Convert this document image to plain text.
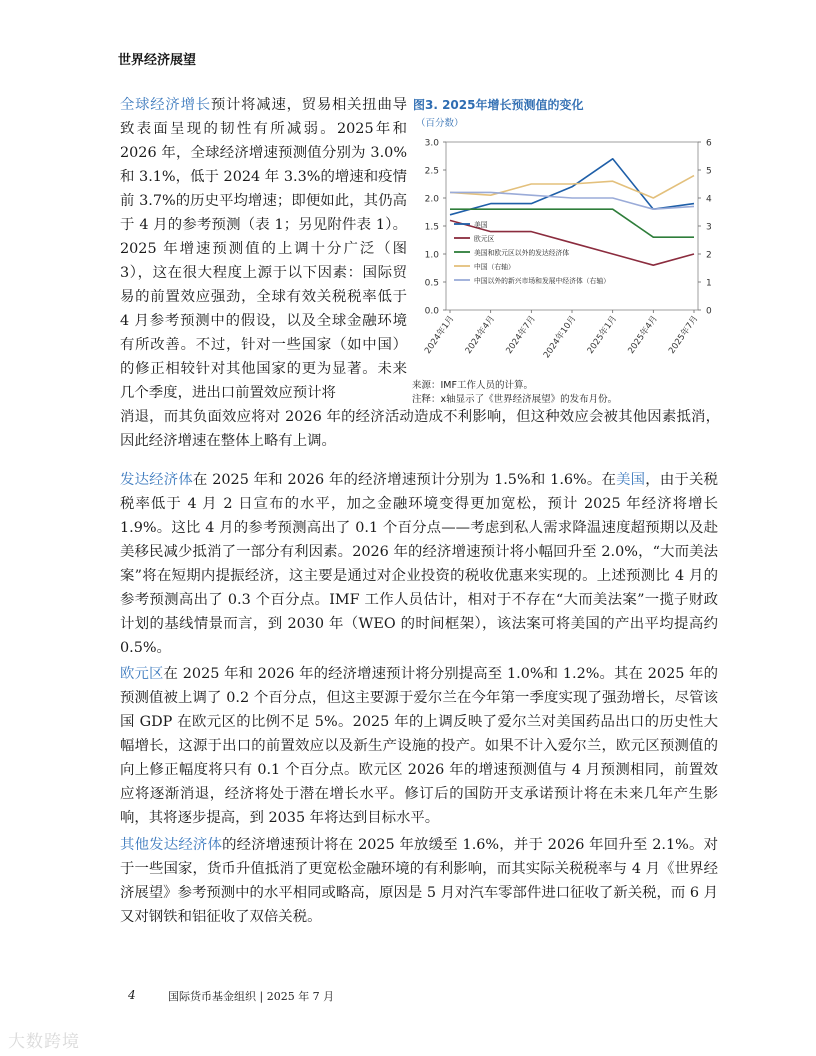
世界经济展望

全球经济增长预计将减速，贸易相关扭曲导致表面呈现的韧性有所减弱。2025年和 2026 年，全球经济增速预测值分别为 3.0%和 3.1%，低于 2024 年 3.3%的增速和疫情前 3.7%的历史平均增速；即便如此，其仍高于 4 月的参考预测（表 1；另见附件表 1）。2025 年增速预测值的上调十分广泛（图 3），这在很大程度上源于以下因素：国际贸易的前置效应强劲，全球有效关税税率低于 4 月参考预测中的假设，以及全球金融环境有所改善。不过，针对一些国家（如中国）的修正相较针对其他国家的更为显著。未来几个季度，进出口前置效应预计将

消退，而其负面效应将对 2026 年的经济活动造成不利影响，但这种效应会被其他因素抵消，因此经济增速在整体上略有上调。

发达经济体在 2025 年和 2026 年的经济增速预计分别为 1.5%和 1.6%。在美国，由于关税税率低于 4 月 2 日宣布的水平，加之金融环境变得更加宽松，预计 2025 年经济将增长 1.9%。这比 4 月的参考预测高出了 0.1 个百分点——考虑到私人需求降温速度超预期以及赴美移民减少抵消了一部分有利因素。2026 年的经济增速预计将小幅回升至 2.0%，“大而美法案”将在短期内提振经济，这主要是通过对企业投资的税收优惠来实现的。上述预测比 4 月的参考预测高出了 0.3 个百分点。IMF 工作人员估计，相对于不存在“大而美法案”一揽子财政计划的基线情景而言，到 2030 年（WEO 的时间框架），该法案可将美国的产出平均提高约 0.5%。

欧元区在 2025 年和 2026 年的经济增速预计将分别提高至 1.0%和 1.2%。其在 2025 年的预测值被上调了 0.2 个百分点，但这主要源于爱尔兰在今年第一季度实现了强劲增长，尽管该国 GDP 在欧元区的比例不足 5%。2025 年的上调反映了爱尔兰对美国药品出口的历史性大幅增长，这源于出口的前置效应以及新生产设施的投产。如果不计入爱尔兰，欧元区预测值的向上修正幅度将只有 0.1 个百分点。欧元区 2026 年的增速预测值与 4 月预测相同，前置效应将逐渐消退，经济将处于潜在增长水平。修订后的国防开支承诺预计将在未来几年产生影响，其将逐步提高，到 2035 年将达到目标水平。

其他发达经济体的经济增速预计将在 2025 年放缓至 1.6%，并于 2026 年回升至 2.1%。对于一些国家，货币升值抵消了更宽松金融环境的有利影响，而其实际关税税率与 4 月《世界经济展望》参考预测中的水平相同或略高，原因是 5 月对汽车零部件进口征收了新关税，而 6 月又对钢铁和铝征收了双倍关税。

图3. 2025年增长预测值的变化
（百分数）
0.0
0.5
1.0
1.5
2.0
2.5
3.0
0
1
2
3
4
5
6
2024年1月 2024年4月 2024年7月 2024年10月 2025年1月 2025年4月 2025年7月
美国
欧元区
美国和欧元区以外的发达经济体
中国（右轴）
中国以外的新兴市场和发展中经济体（右轴）
来源：IMF工作人员的计算。
注释：x轴显示了《世界经济展望》的发布月份。
4	国际货币基金组织 | 2025 年 7 月
大数跨境
